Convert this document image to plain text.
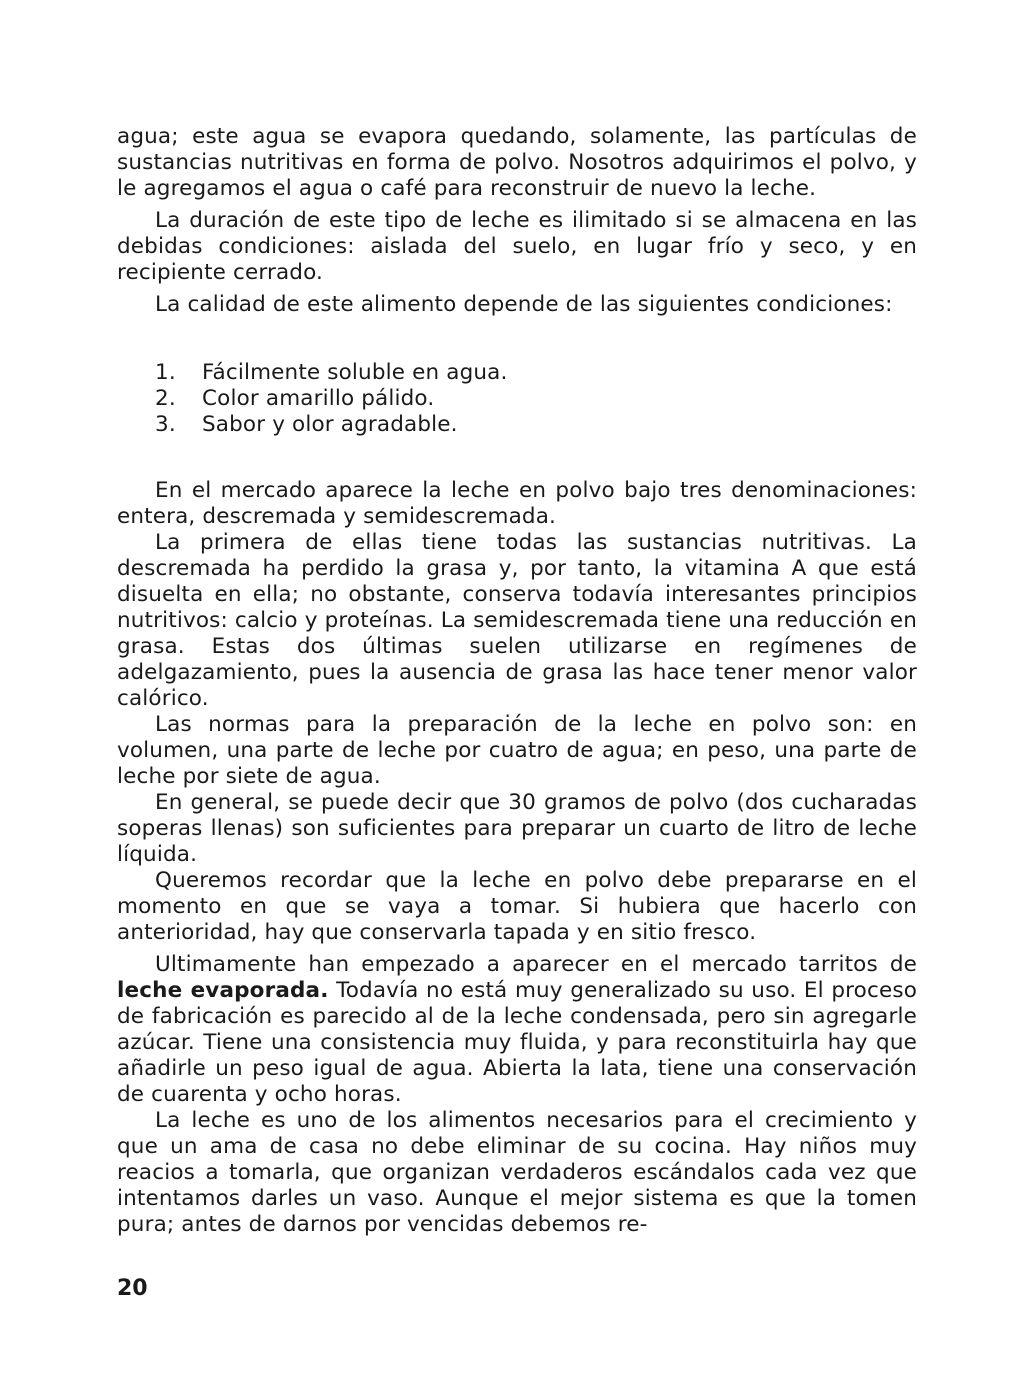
agua; este agua se evapora quedando, solamente, las partículas de sustancias nutritivas en forma de polvo. Nosotros adquirimos el polvo, y le agregamos el agua o café para reconstruir de nuevo la leche.

La duración de este tipo de leche es ilimitado si se almacena en las debidas condiciones: aislada del suelo, en lugar frío y seco, y en recipiente cerrado.

La calidad de este alimento depende de las siguientes condiciones:

1.	Fácilmente soluble en agua.
2.	Color amarillo pálido.
3.	Sabor y olor agradable.

En el mercado aparece la leche en polvo bajo tres denominaciones: entera, descremada y semidescremada.

La primera de ellas tiene todas las sustancias nutritivas. La descremada ha perdido la grasa y, por tanto, la vitamina A que está disuelta en ella; no obstante, conserva todavía interesantes principios nutritivos: calcio y proteínas. La semidescremada tiene una reducción en grasa. Estas dos últimas suelen utilizarse en regímenes de adelgazamiento, pues la ausencia de grasa las hace tener menor valor calórico.

Las normas para la preparación de la leche en polvo son: en volumen, una parte de leche por cuatro de agua; en peso, una parte de leche por siete de agua.

En general, se puede decir que 30 gramos de polvo (dos cucharadas soperas llenas) son suficientes para preparar un cuarto de litro de leche líquida.

Queremos recordar que la leche en polvo debe prepararse en el momento en que se vaya a tomar. Si hubiera que hacerlo con anterioridad, hay que conservarla tapada y en sitio fresco.

Ultimamente han empezado a aparecer en el mercado tarritos de leche evaporada. Todavía no está muy generalizado su uso. El proceso de fabricación es parecido al de la leche condensada, pero sin agregarle azúcar. Tiene una consistencia muy fluida, y para reconstituirla hay que añadirle un peso igual de agua. Abierta la lata, tiene una conservación de cuarenta y ocho horas.

La leche es uno de los alimentos necesarios para el crecimiento y que un ama de casa no debe eliminar de su cocina. Hay niños muy reacios a tomarla, que organizan verdaderos escándalos cada vez que intentamos darles un vaso. Aunque el mejor sistema es que la tomen pura; antes de darnos por vencidas debemos re-

20
